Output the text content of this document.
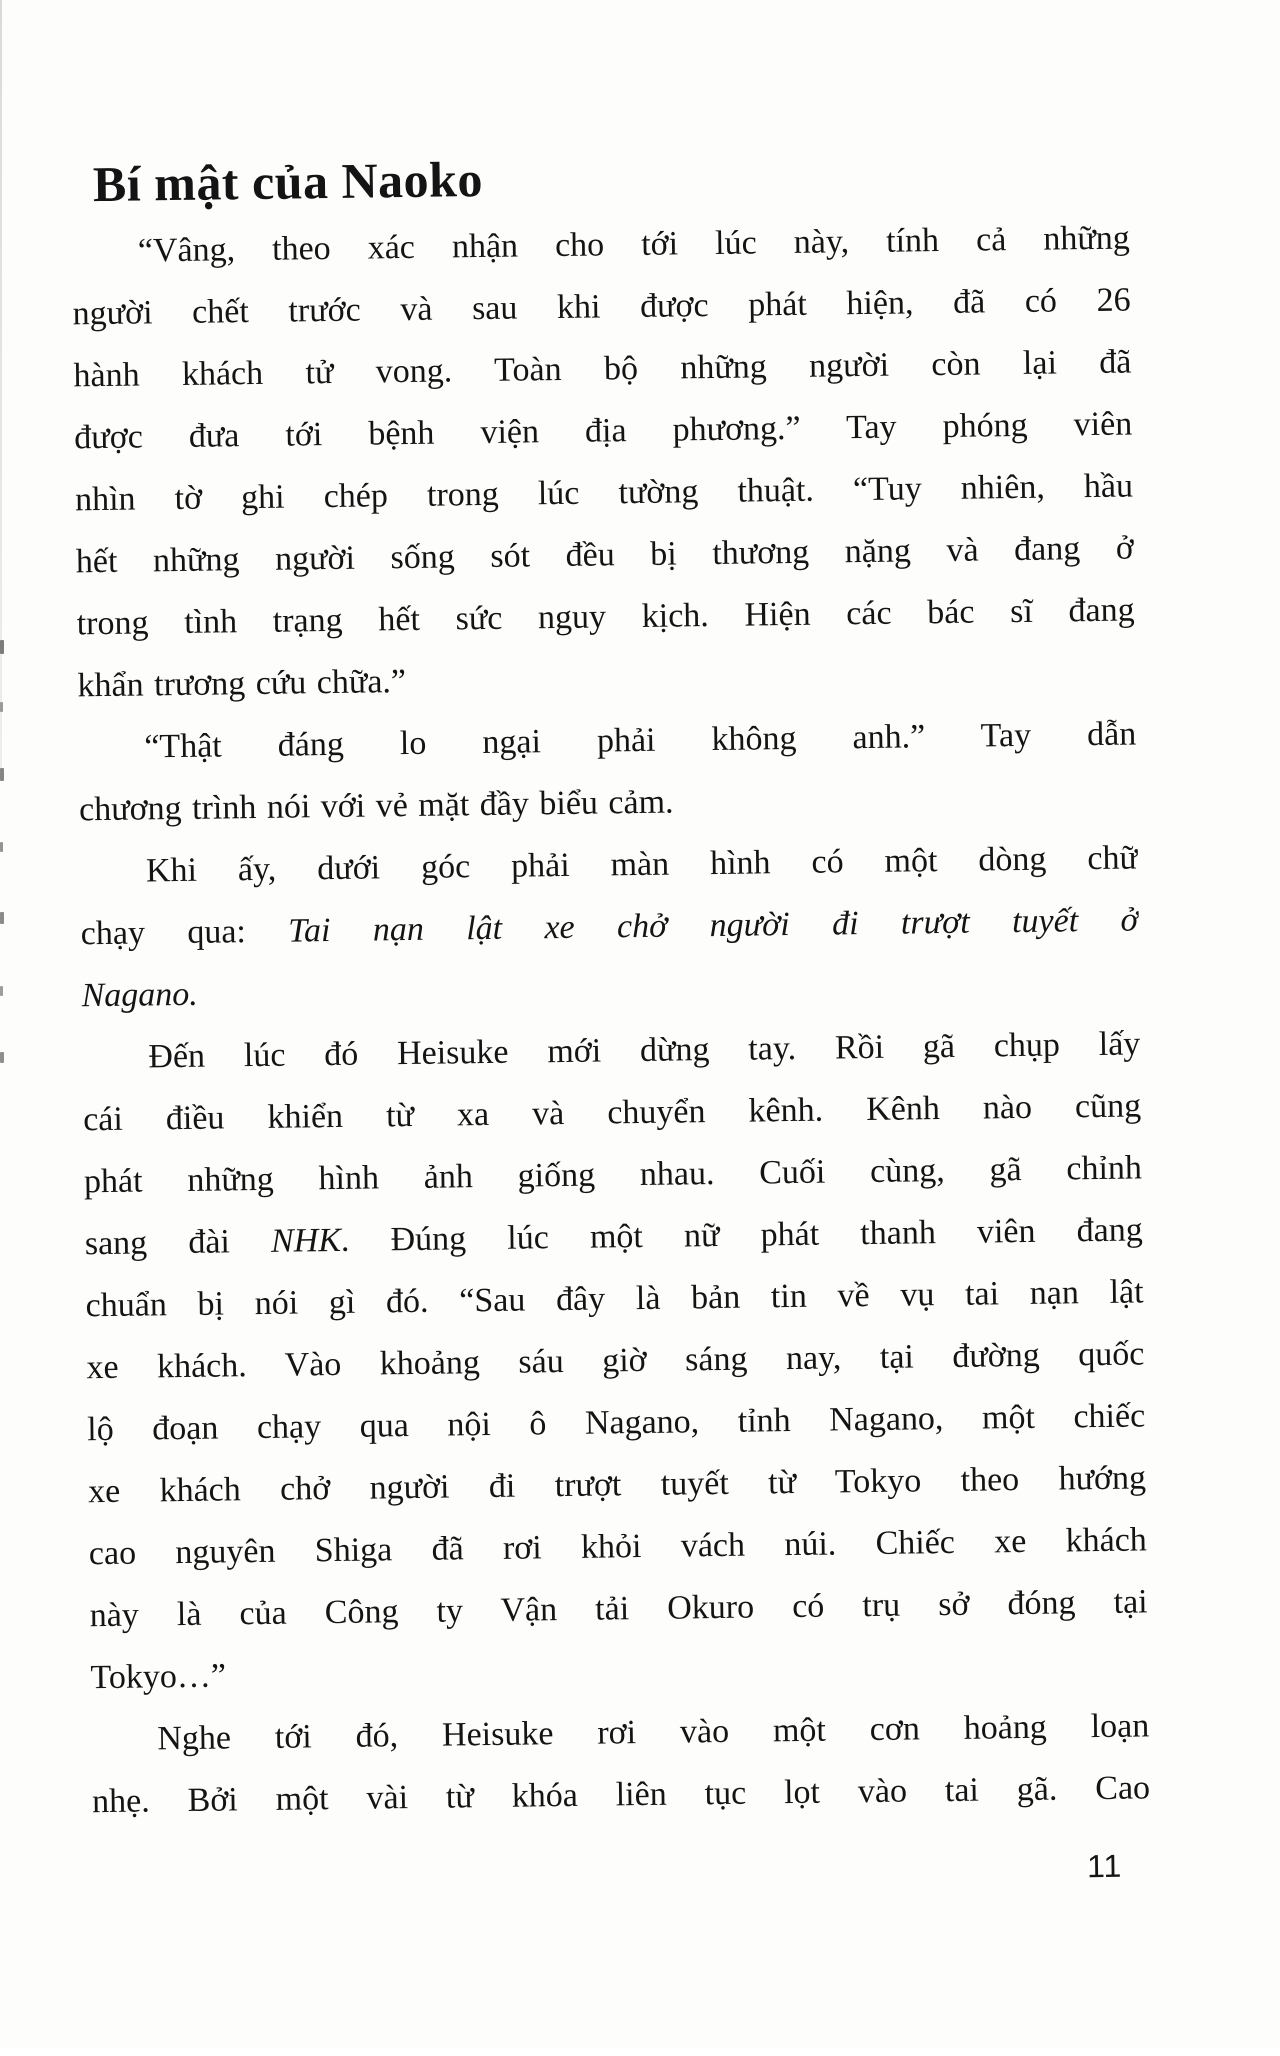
Bí mật của Naoko
“Vâng, theo xác nhận cho tới lúc này, tính cả những
người chết trước và sau khi được phát hiện, đã có 26
hành khách tử vong. Toàn bộ những người còn lại đã
được đưa tới bệnh viện địa phương.” Tay phóng viên
nhìn tờ ghi chép trong lúc tường thuật. “Tuy nhiên, hầu
hết những người sống sót đều bị thương nặng và đang ở
trong tình trạng hết sức nguy kịch. Hiện các bác sĩ đang
khẩn trương cứu chữa.”
“Thật đáng lo ngại phải không anh.” Tay dẫn
chương trình nói với vẻ mặt đầy biểu cảm.
Khi ấy, dưới góc phải màn hình có một dòng chữ
chạy qua: Tai nạn lật xe chở người đi trượt tuyết ở
Nagano.
Đến lúc đó Heisuke mới dừng tay. Rồi gã chụp lấy
cái điều khiển từ xa và chuyển kênh. Kênh nào cũng
phát những hình ảnh giống nhau. Cuối cùng, gã chỉnh
sang đài NHK. Đúng lúc một nữ phát thanh viên đang
chuẩn bị nói gì đó. “Sau đây là bản tin về vụ tai nạn lật
xe khách. Vào khoảng sáu giờ sáng nay, tại đường quốc
lộ đoạn chạy qua nội ô Nagano, tỉnh Nagano, một chiếc
xe khách chở người đi trượt tuyết từ Tokyo theo hướng
cao nguyên Shiga đã rơi khỏi vách núi. Chiếc xe khách
này là của Công ty Vận tải Okuro có trụ sở đóng tại
Tokyo…”
Nghe tới đó, Heisuke rơi vào một cơn hoảng loạn
nhẹ. Bởi một vài từ khóa liên tục lọt vào tai gã. Cao
11
